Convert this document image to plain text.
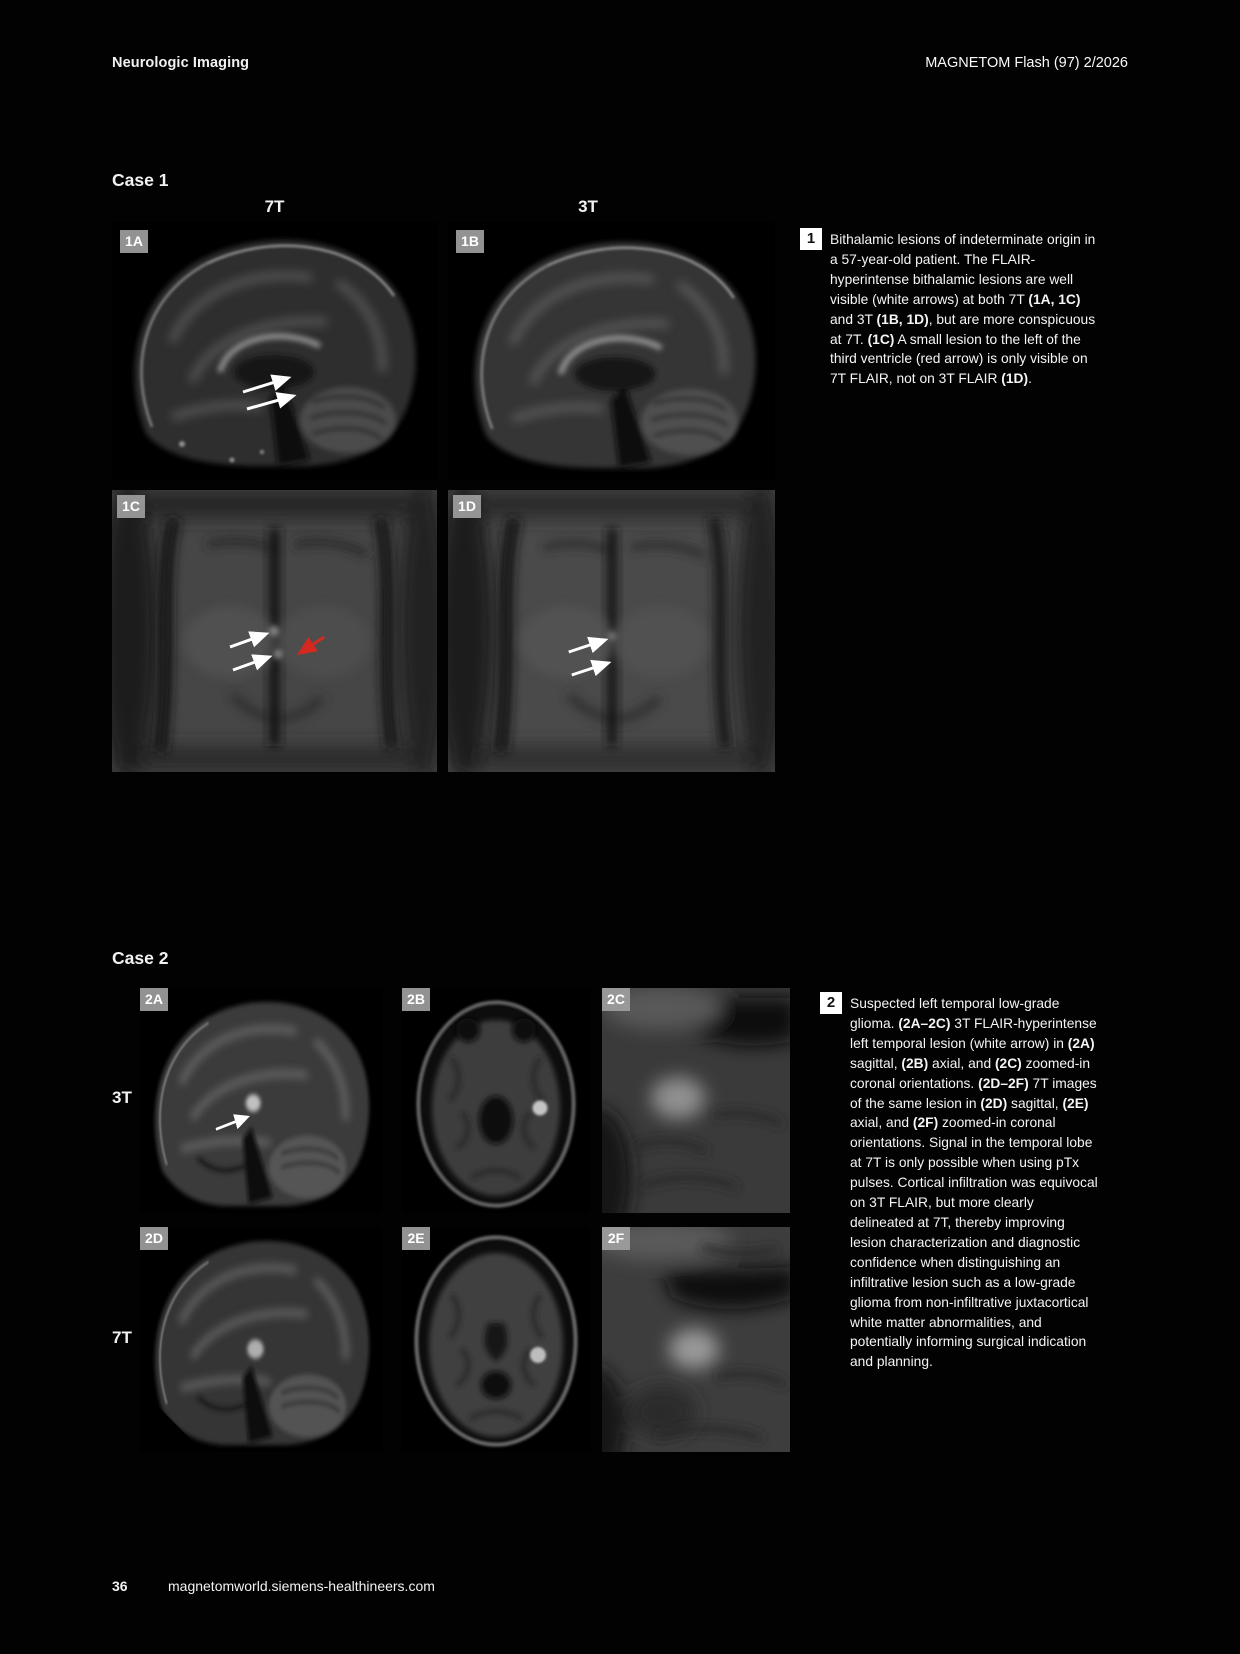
Neurologic Imaging	MAGNETOM Flash (97) 2/2026
Case 1
7T	3T
1A	1B
1C	1D
1	Bithalamic lesions of indeterminate origin in a 57-year-old patient. The FLAIR-hyperintense bithalamic lesions are well visible (white arrows) at both 7T (1A, 1C) and 3T (1B, 1D), but are more conspicuous at 7T. (1C) A small lesion to the left of the third ventricle (red arrow) is only visible on 7T FLAIR, not on 3T FLAIR (1D).
Case 2
3T
7T
2A	2B	2C
2D	2E	2F
2	Suspected left temporal low-grade glioma. (2A–2C) 3T FLAIR-hyperintense left temporal lesion (white arrow) in (2A) sagittal, (2B) axial, and (2C) zoomed-in coronal orientations. (2D–2F) 7T images of the same lesion in (2D) sagittal, (2E) axial, and (2F) zoomed-in coronal orientations. Signal in the temporal lobe at 7T is only possible when using pTx pulses. Cortical infiltration was equivocal on 3T FLAIR, but more clearly delineated at 7T, thereby improving lesion characterization and diagnostic confidence when distinguishing an infiltrative lesion such as a low-grade glioma from non-infiltrative juxtacortical white matter abnormalities, and potentially informing surgical indication and planning.
36	magnetomworld.siemens-healthineers.com
